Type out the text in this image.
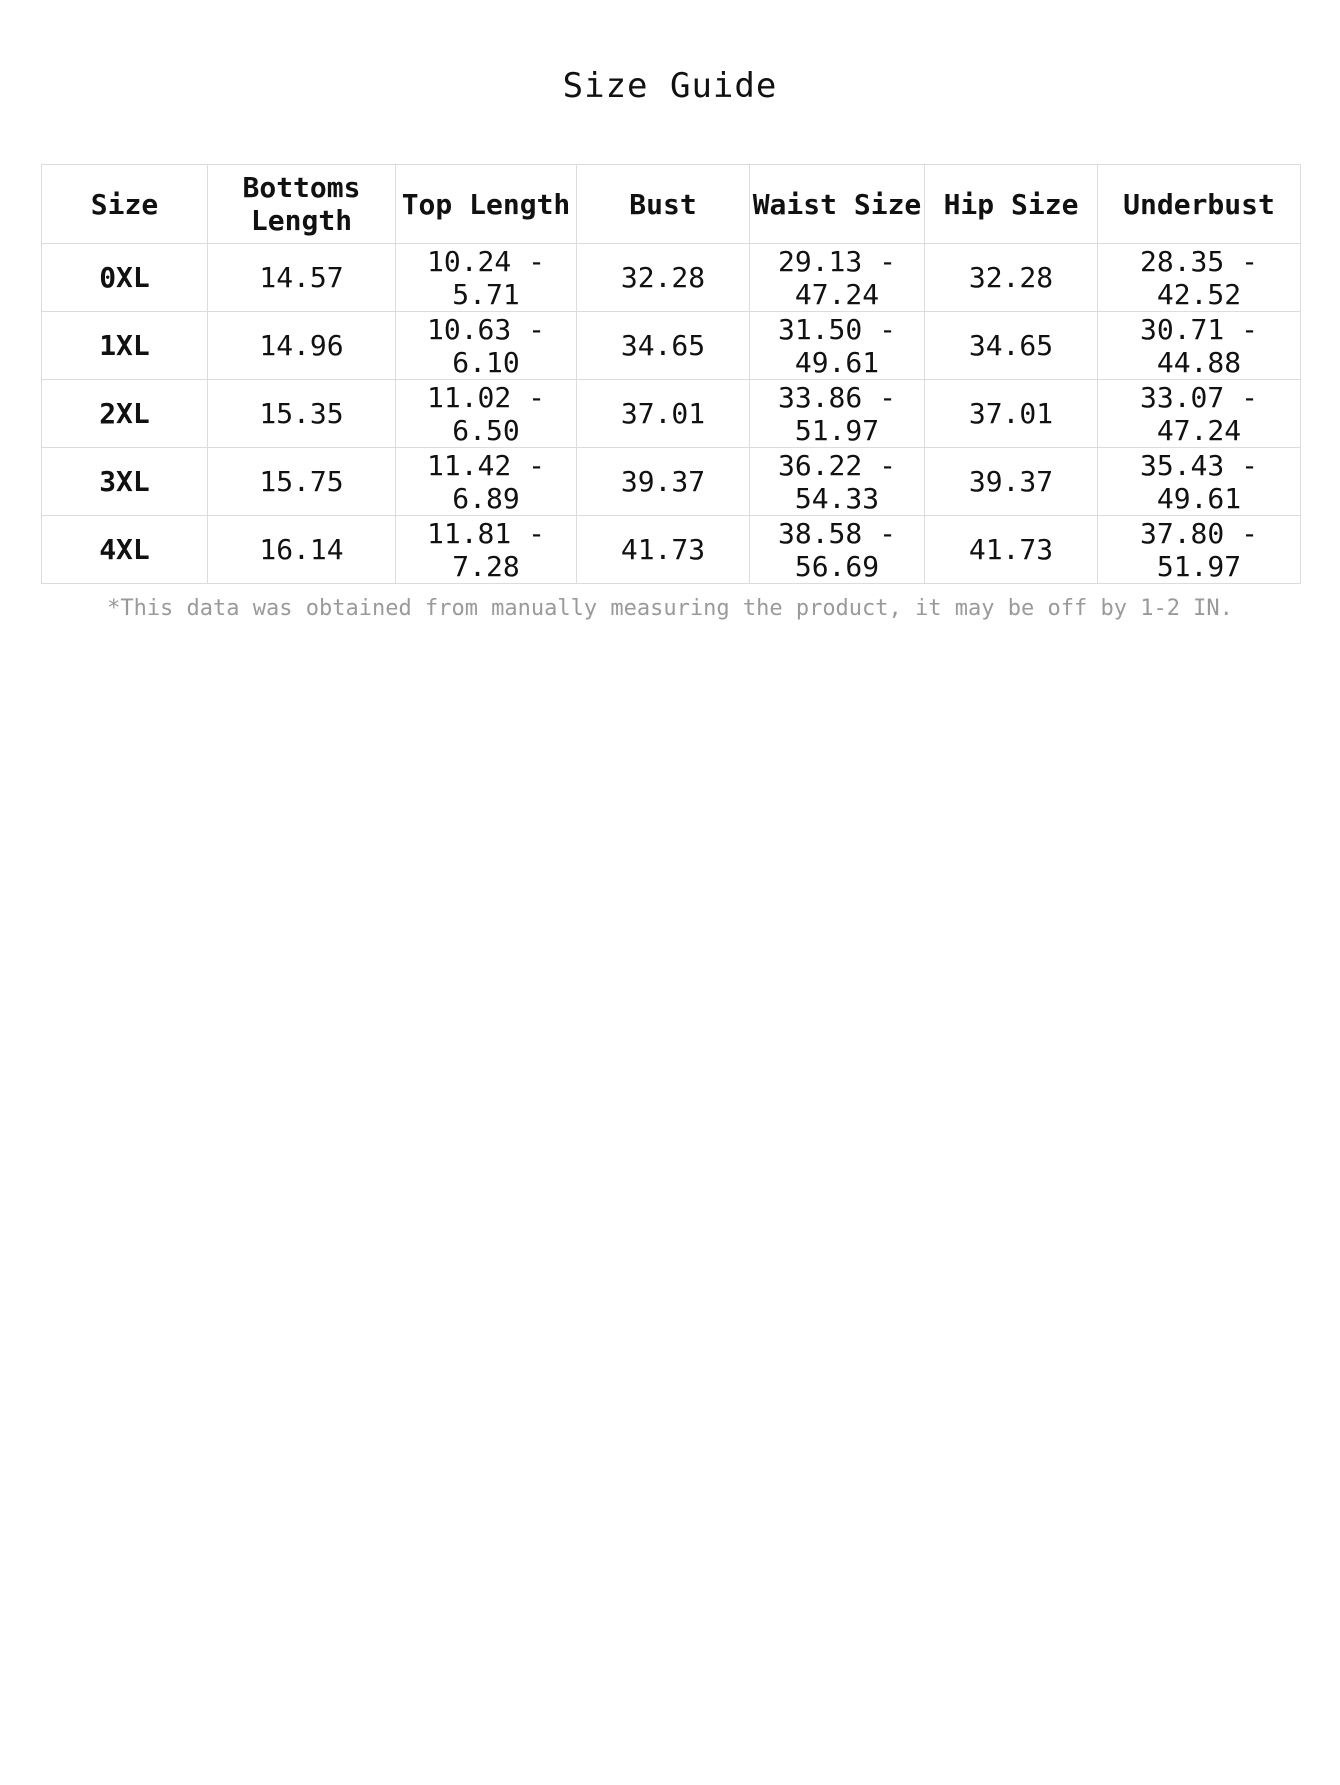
Size Guide
Size	Bottoms Length	Top Length	Bust	Waist Size	Hip Size	Underbust
0XL	14.57	10.24 - 5.71	32.28	29.13 - 47.24	32.28	28.35 - 42.52
1XL	14.96	10.63 - 6.10	34.65	31.50 - 49.61	34.65	30.71 - 44.88
2XL	15.35	11.02 - 6.50	37.01	33.86 - 51.97	37.01	33.07 - 47.24
3XL	15.75	11.42 - 6.89	39.37	36.22 - 54.33	39.37	35.43 - 49.61
4XL	16.14	11.81 - 7.28	41.73	38.58 - 56.69	41.73	37.80 - 51.97
*This data was obtained from manually measuring the product, it may be off by 1-2 IN.
